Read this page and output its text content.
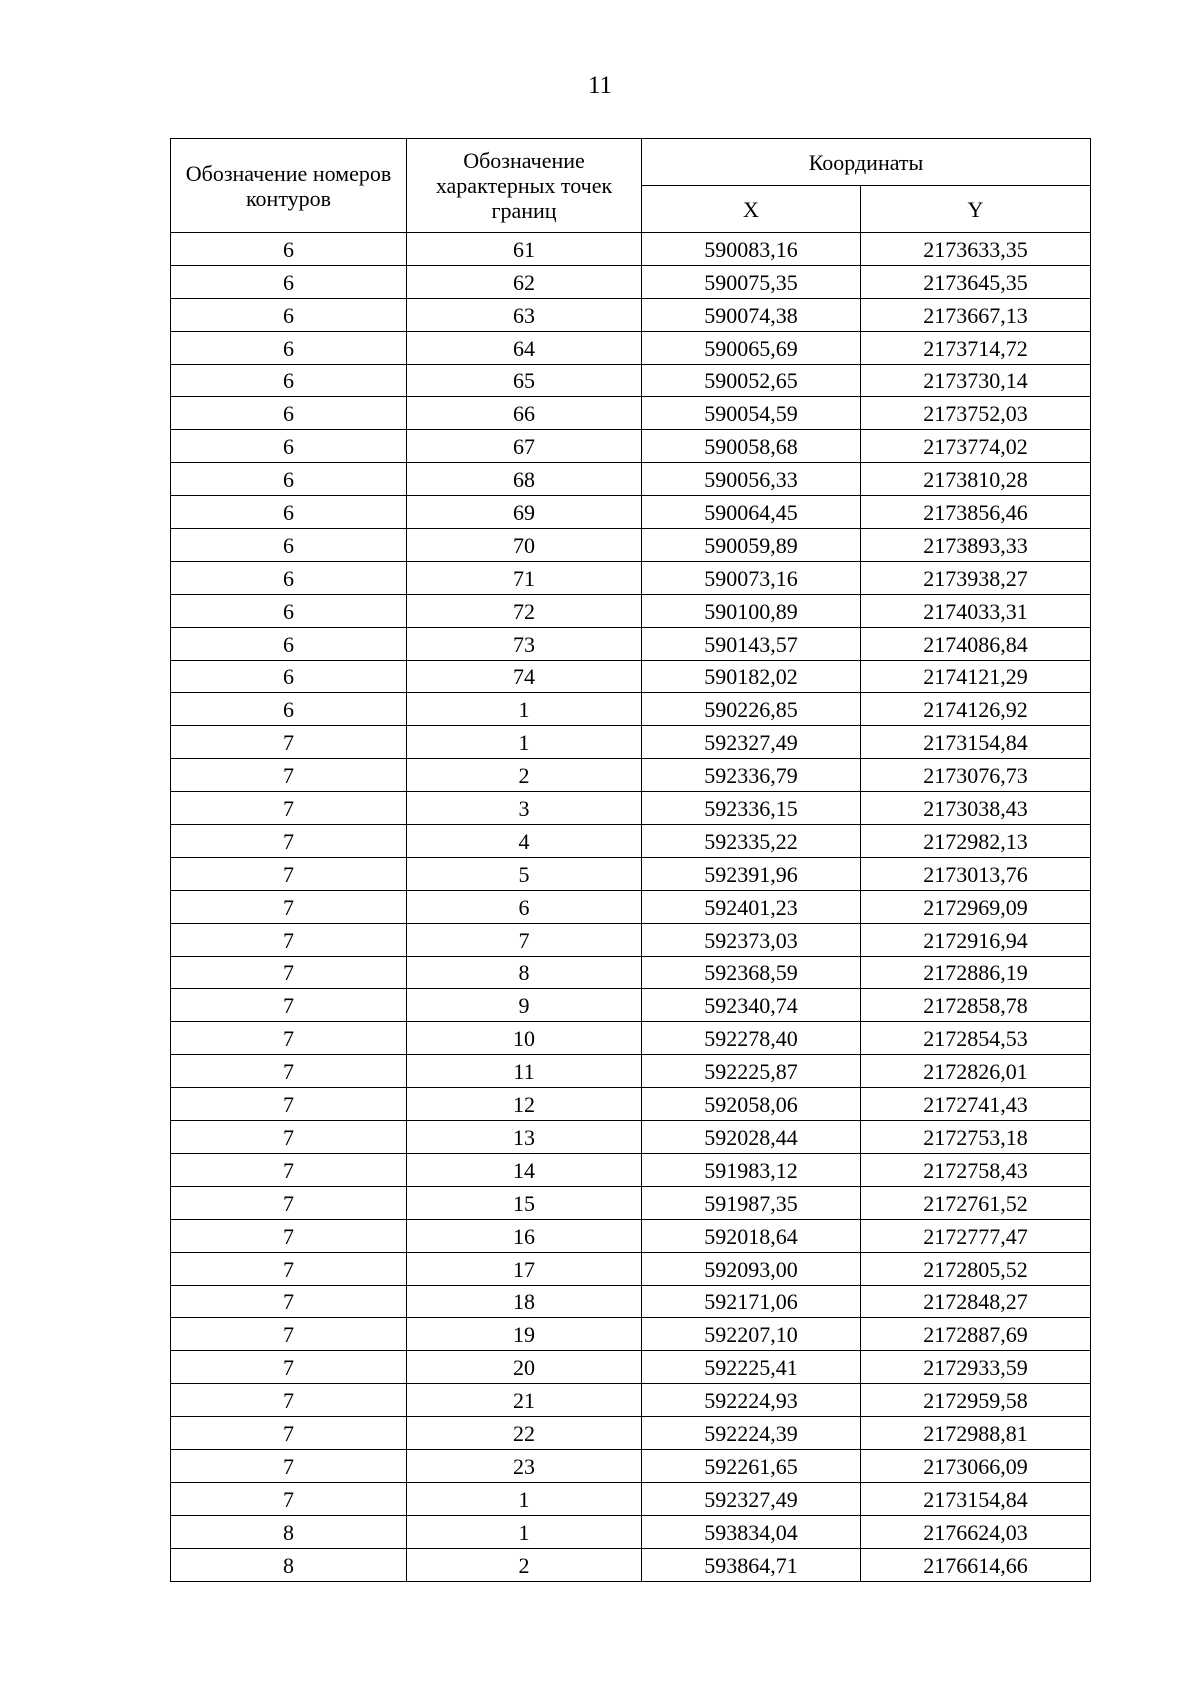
11
Обозначение номеров контуров	Обозначение характерных точек границ	Координаты	
		X	Y
6	61	590083,16	2173633,35
6	62	590075,35	2173645,35
6	63	590074,38	2173667,13
6	64	590065,69	2173714,72
6	65	590052,65	2173730,14
6	66	590054,59	2173752,03
6	67	590058,68	2173774,02
6	68	590056,33	2173810,28
6	69	590064,45	2173856,46
6	70	590059,89	2173893,33
6	71	590073,16	2173938,27
6	72	590100,89	2174033,31
6	73	590143,57	2174086,84
6	74	590182,02	2174121,29
6	1	590226,85	2174126,92
7	1	592327,49	2173154,84
7	2	592336,79	2173076,73
7	3	592336,15	2173038,43
7	4	592335,22	2172982,13
7	5	592391,96	2173013,76
7	6	592401,23	2172969,09
7	7	592373,03	2172916,94
7	8	592368,59	2172886,19
7	9	592340,74	2172858,78
7	10	592278,40	2172854,53
7	11	592225,87	2172826,01
7	12	592058,06	2172741,43
7	13	592028,44	2172753,18
7	14	591983,12	2172758,43
7	15	591987,35	2172761,52
7	16	592018,64	2172777,47
7	17	592093,00	2172805,52
7	18	592171,06	2172848,27
7	19	592207,10	2172887,69
7	20	592225,41	2172933,59
7	21	592224,93	2172959,58
7	22	592224,39	2172988,81
7	23	592261,65	2173066,09
7	1	592327,49	2173154,84
8	1	593834,04	2176624,03
8	2	593864,71	2176614,66
